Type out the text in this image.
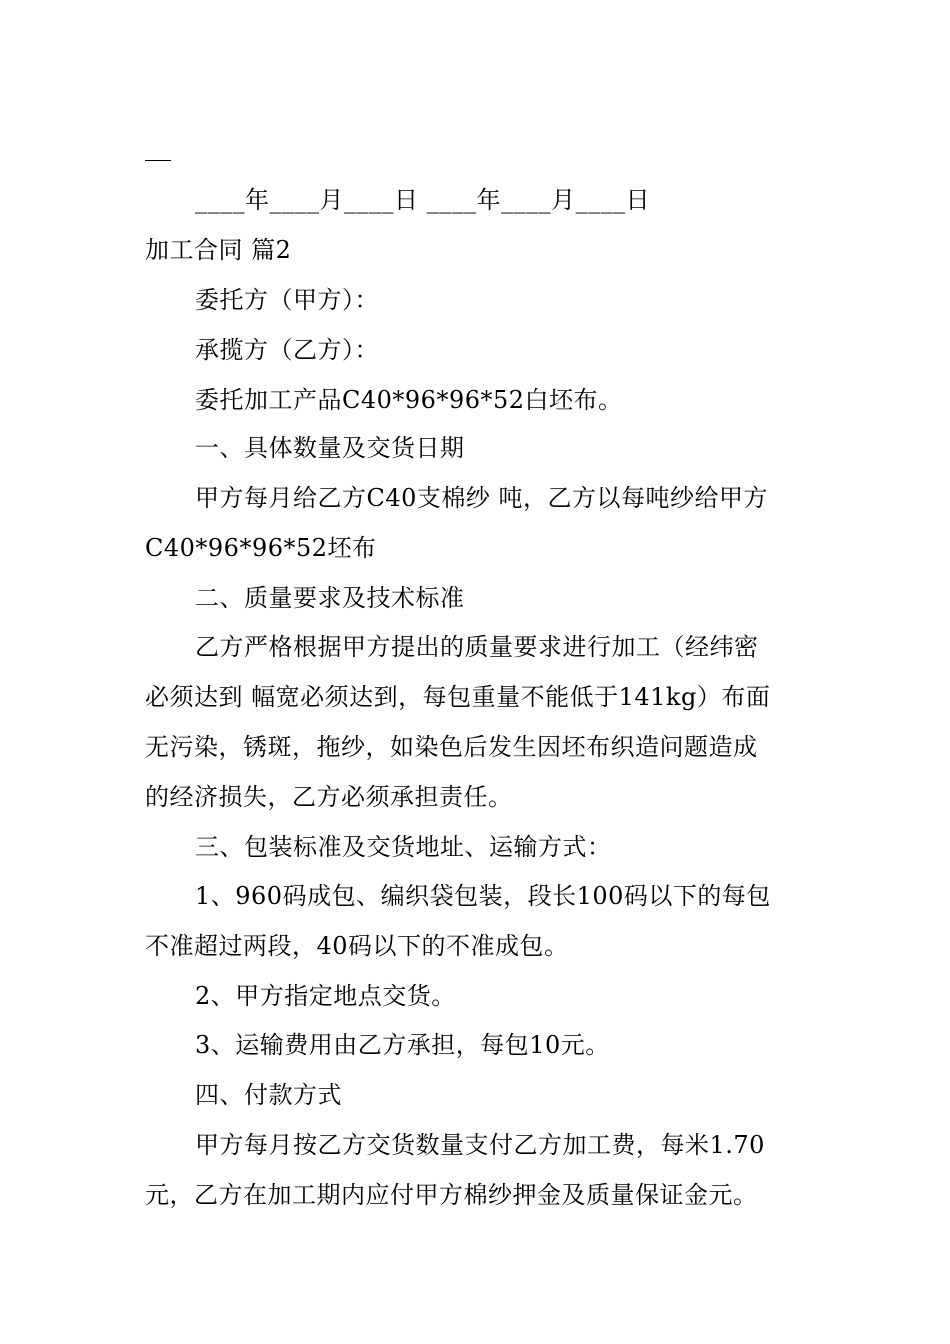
____年____月____日 ____年____月____日
加工合同 篇2
委托方（甲方）：
承揽方（乙方）：
委托加工产品C40*96*96*52白坯布。
一、具体数量及交货日期
甲方每月给乙方C40支棉纱 吨，乙方以每吨纱给甲方
C40*96*96*52坯布
二、质量要求及技术标准
乙方严格根据甲方提出的质量要求进行加工（经纬密
必须达到 幅宽必须达到，每包重量不能低于141kg）布面
无污染，锈斑，拖纱，如染色后发生因坯布织造问题造成
的经济损失，乙方必须承担责任。
三、包装标准及交货地址、运输方式：
1、960码成包、编织袋包装，段长100码以下的每包
不准超过两段，40码以下的不准成包。
2、甲方指定地点交货。
3、运输费用由乙方承担，每包10元。
四、付款方式
甲方每月按乙方交货数量支付乙方加工费，每米1.70
元，乙方在加工期内应付甲方棉纱押金及质量保证金元。
